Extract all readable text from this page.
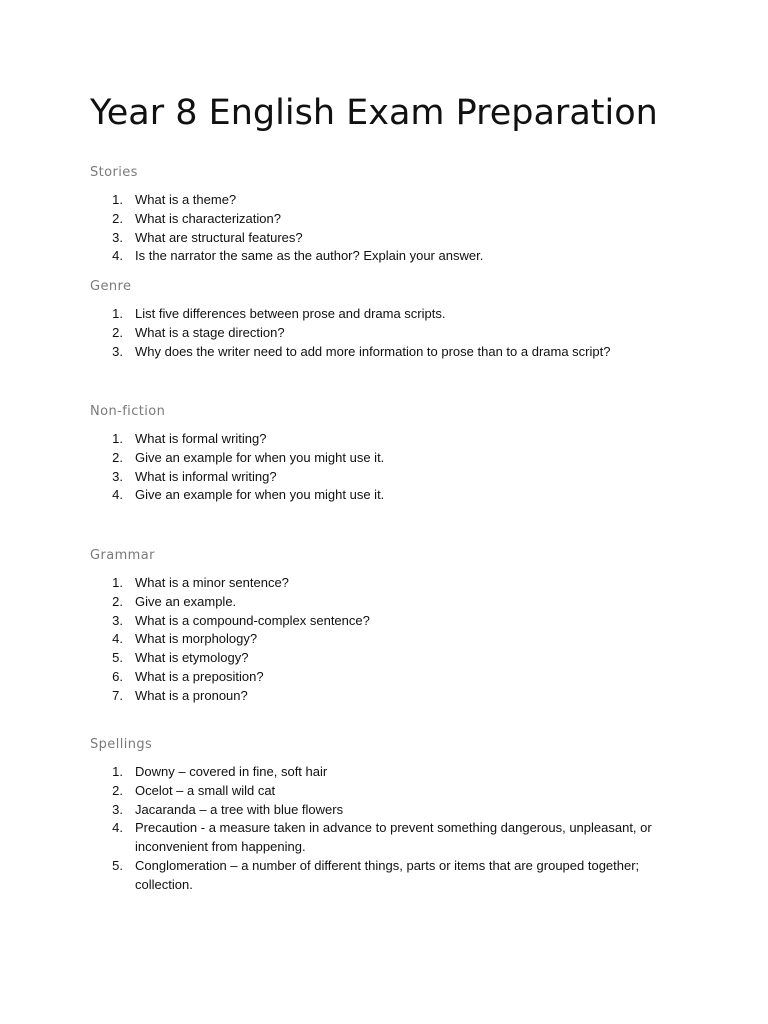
Year 8 English Exam Preparation
Stories
1. What is a theme?
2. What is characterization?
3. What are structural features?
4. Is the narrator the same as the author? Explain your answer.
Genre
1. List five differences between prose and drama scripts.
2. What is a stage direction?
3. Why does the writer need to add more information to prose than to a drama script?
Non-fiction
1. What is formal writing?
2. Give an example for when you might use it.
3. What is informal writing?
4. Give an example for when you might use it.
Grammar
1. What is a minor sentence?
2. Give an example.
3. What is a compound-complex sentence?
4. What is morphology?
5. What is etymology?
6. What is a preposition?
7. What is a pronoun?
Spellings
1. Downy – covered in fine, soft hair
2. Ocelot – a small wild cat
3. Jacaranda – a tree with blue flowers
4. Precaution - a measure taken in advance to prevent something dangerous, unpleasant, or inconvenient from happening.
5. Conglomeration – a number of different things, parts or items that are grouped together; collection.
